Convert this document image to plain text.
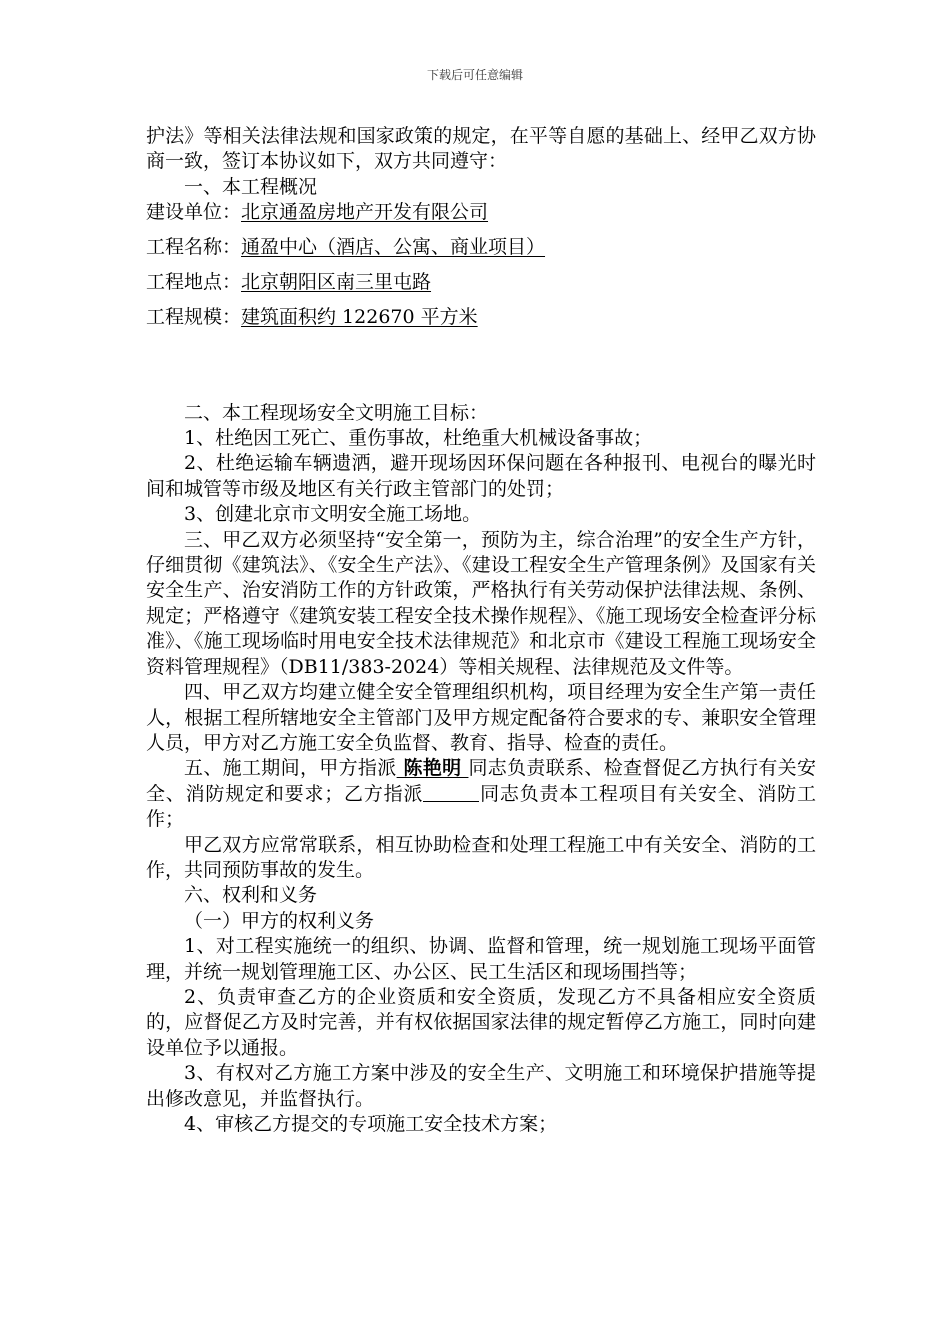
下载后可任意编辑

护法》等相关法律法规和国家政策的规定，在平等自愿的基础上、经甲乙双方协商一致，签订本协议如下，双方共同遵守：

一、本工程概况

建设单位：北京通盈房地产开发有限公司

工程名称：通盈中心（酒店、公寓、商业项目）

工程地点：北京朝阳区南三里屯路

工程规模：建筑面积约 122670 平方米

二、本工程现场安全文明施工目标：

1、杜绝因工死亡、重伤事故，杜绝重大机械设备事故；

2、杜绝运输车辆遗洒，避开现场因环保问题在各种报刊、电视台的曝光时间和城管等市级及地区有关行政主管部门的处罚；

3、创建北京市文明安全施工场地。

三、甲乙双方必须坚持“安全第一，预防为主，综合治理”的安全生产方针，仔细贯彻《建筑法》、《安全生产法》、《建设工程安全生产管理条例》及国家有关安全生产、治安消防工作的方针政策，严格执行有关劳动保护法律法规、条例、规定；严格遵守《建筑安装工程安全技术操作规程》、《施工现场安全检查评分标准》、《施工现场临时用电安全技术法律规范》和北京市《建设工程施工现场安全资料管理规程》（DB11/383-2024）等相关规程、法律规范及文件等。

四、甲乙双方均建立健全安全管理组织机构，项目经理为安全生产第一责任人，根据工程所辖地安全主管部门及甲方规定配备符合要求的专、兼职安全管理人员，甲方对乙方施工安全负监督、教育、指导、检查的责任。

五、施工期间，甲方指派 陈艳明 同志负责联系、检查督促乙方执行有关安全、消防规定和要求；乙方指派	同志负责本工程项目有关安全、消防工作；

甲乙双方应常常联系，相互协助检查和处理工程施工中有关安全、消防的工作，共同预防事故的发生。

六、权利和义务

（一）甲方的权利义务

1、对工程实施统一的组织、协调、监督和管理，统一规划施工现场平面管理，并统一规划管理施工区、办公区、民工生活区和现场围挡等；

2、负责审查乙方的企业资质和安全资质，发现乙方不具备相应安全资质的，应督促乙方及时完善，并有权依据国家法律的规定暂停乙方施工，同时向建设单位予以通报。

3、有权对乙方施工方案中涉及的安全生产、文明施工和环境保护措施等提出修改意见，并监督执行。

4、审核乙方提交的专项施工安全技术方案；
